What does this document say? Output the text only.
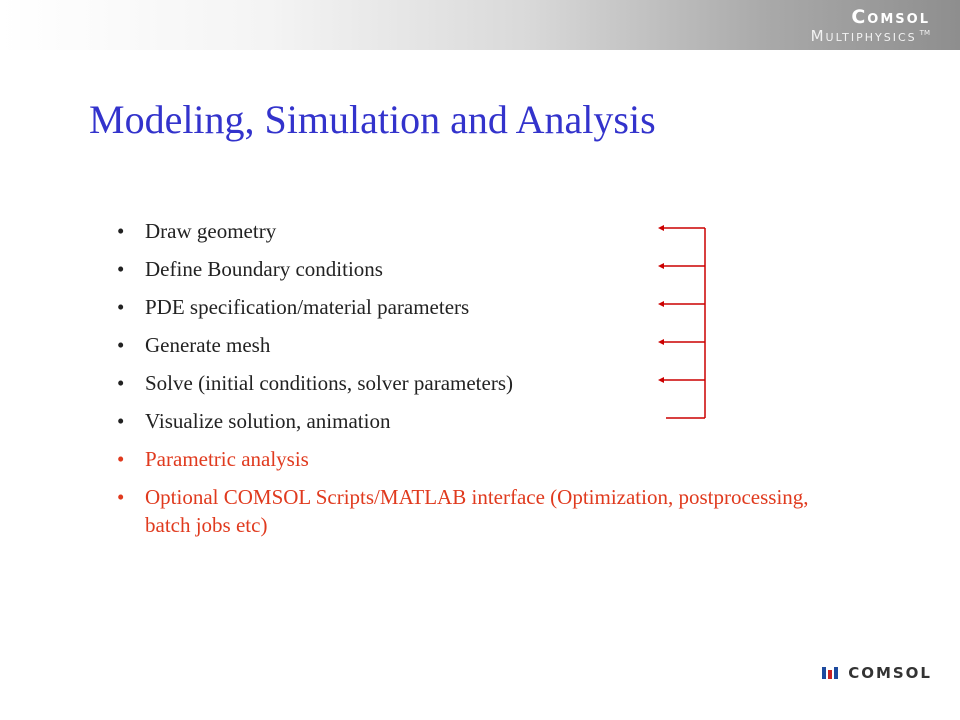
Comsol
Multiphysics ™
Modeling, Simulation and Analysis
• Draw geometry
• Define Boundary conditions
• PDE specification/material parameters
• Generate mesh
• Solve (initial conditions, solver parameters)
• Visualize solution, animation
• Parametric analysis
• Optional COMSOL Scripts/MATLAB interface (Optimization, postprocessing, batch jobs etc)
COMSOL
